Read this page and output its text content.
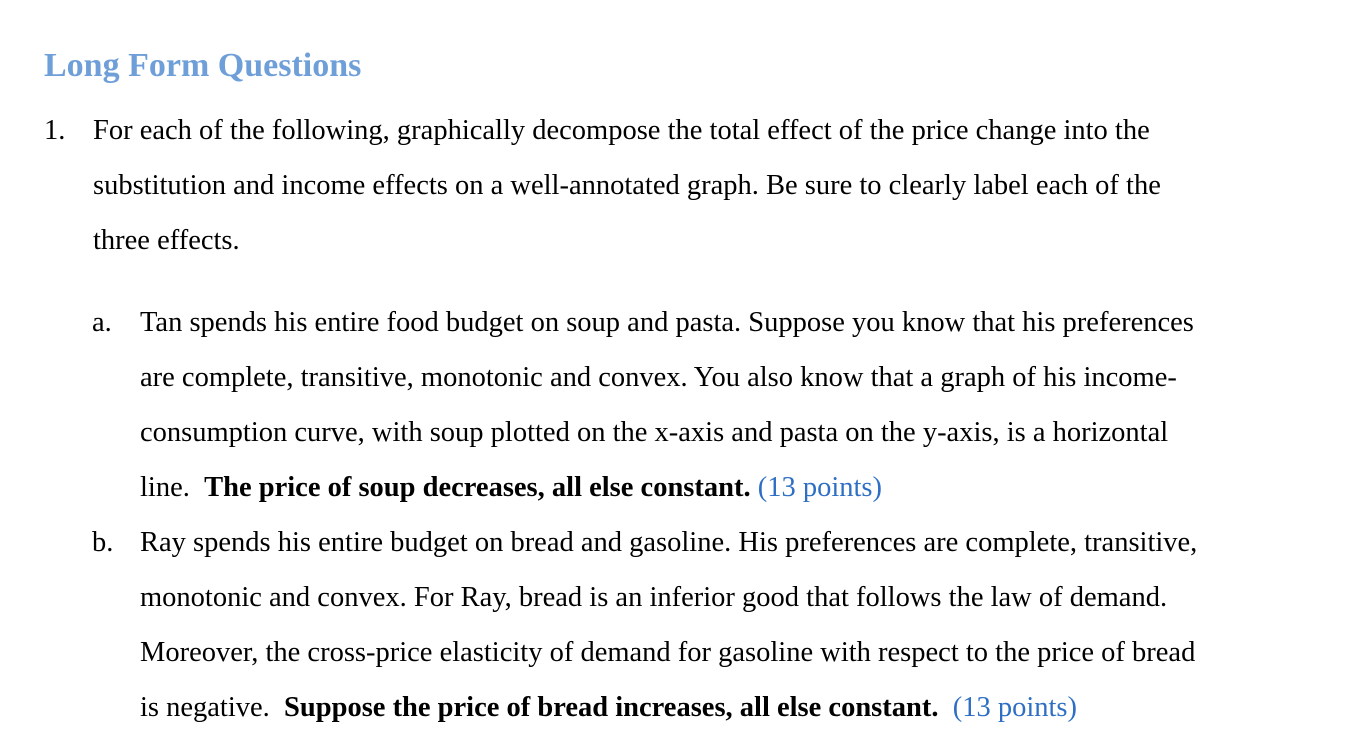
Long Form Questions
1. For each of the following, graphically decompose the total effect of the price change into the
substitution and income effects on a well-annotated graph. Be sure to clearly label each of the
three effects.
a. Tan spends his entire food budget on soup and pasta. Suppose you know that his preferences
are complete, transitive, monotonic and convex. You also know that a graph of his income-
consumption curve, with soup plotted on the x-axis and pasta on the y-axis, is a horizontal
line. The price of soup decreases, all else constant. (13 points)
b. Ray spends his entire budget on bread and gasoline. His preferences are complete, transitive,
monotonic and convex. For Ray, bread is an inferior good that follows the law of demand.
Moreover, the cross-price elasticity of demand for gasoline with respect to the price of bread
is negative. Suppose the price of bread increases, all else constant. (13 points)
